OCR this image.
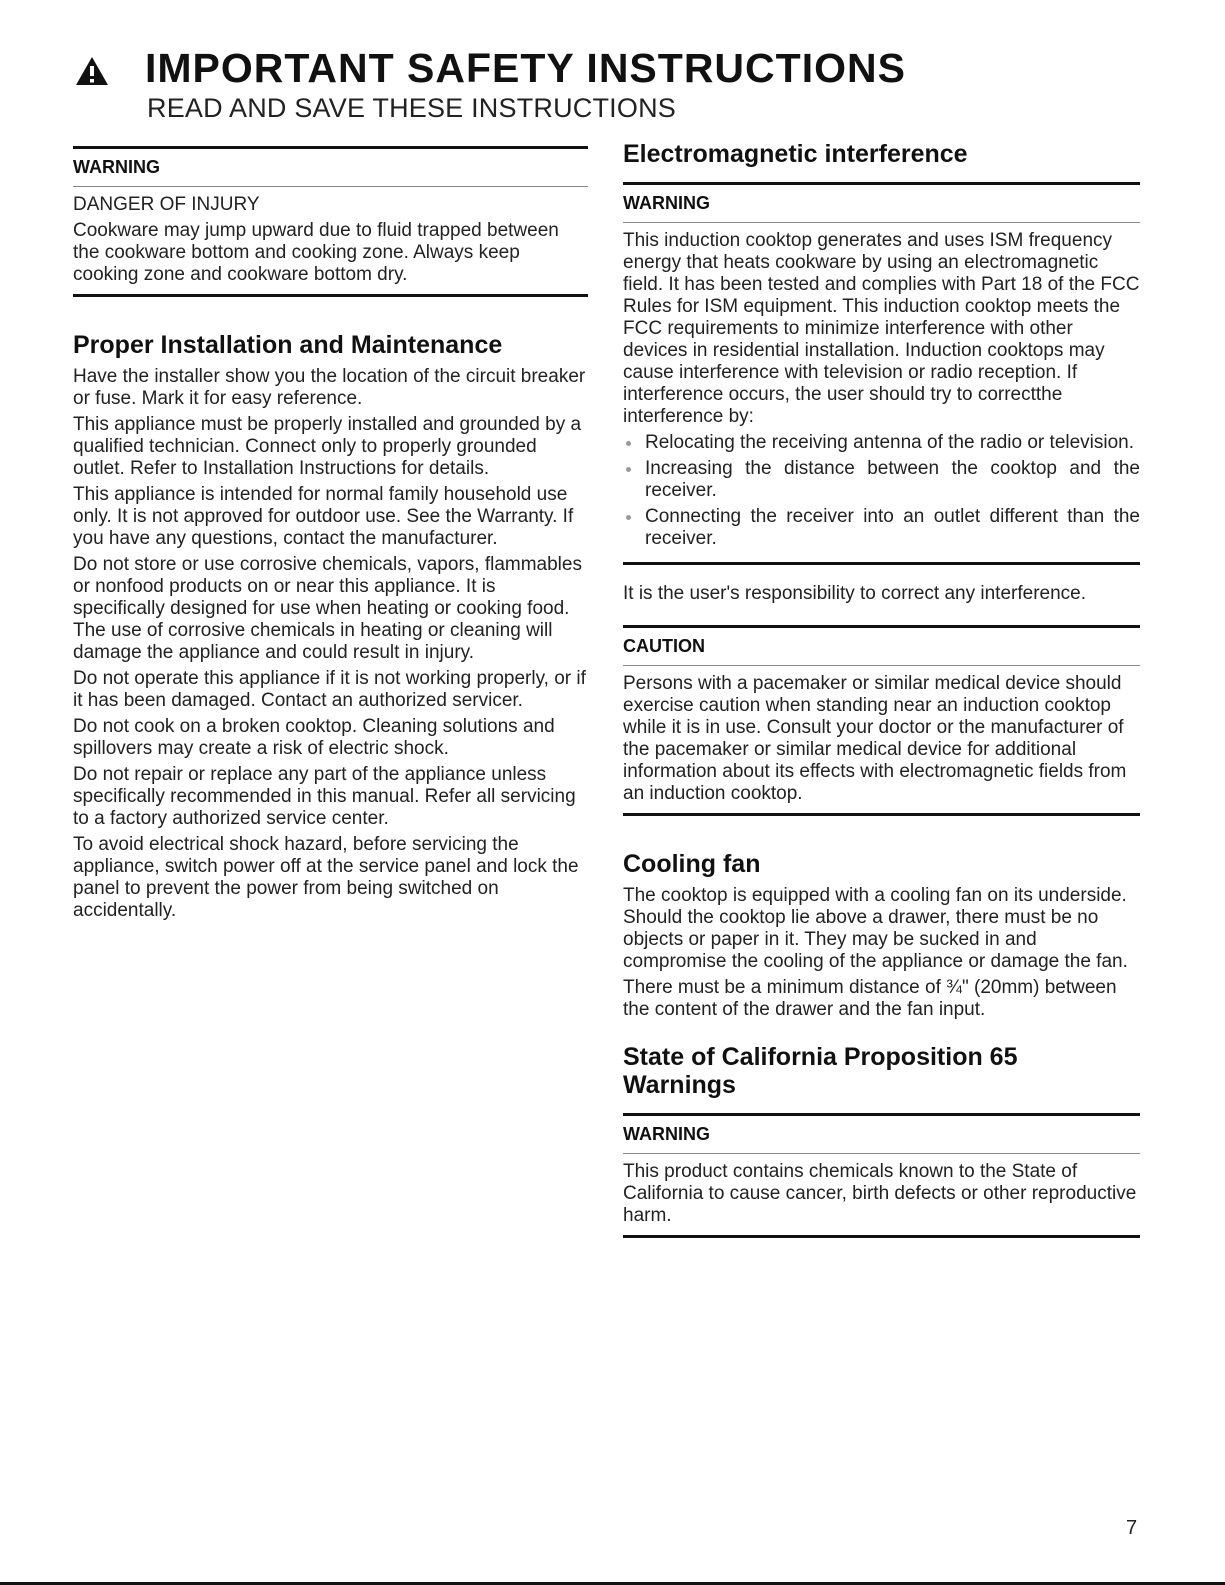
IMPORTANT SAFETY INSTRUCTIONS
READ AND SAVE THESE INSTRUCTIONS
WARNING

DANGER OF INJURY

Cookware may jump upward due to fluid trapped between the cookware bottom and cooking zone. Always keep cooking zone and cookware bottom dry.

Proper Installation and Maintenance

Have the installer show you the location of the circuit breaker or fuse. Mark it for easy reference.

This appliance must be properly installed and grounded by a qualified technician. Connect only to properly grounded outlet. Refer to Installation Instructions for details.

This appliance is intended for normal family household use only. It is not approved for outdoor use. See the Warranty. If you have any questions, contact the manufacturer.

Do not store or use corrosive chemicals, vapors, flammables or nonfood products on or near this appliance. It is specifically designed for use when heating or cooking food. The use of corrosive chemicals in heating or cleaning will damage the appliance and could result in injury.

Do not operate this appliance if it is not working properly, or if it has been damaged. Contact an authorized servicer.

Do not cook on a broken cooktop. Cleaning solutions and spillovers may create a risk of electric shock.

Do not repair or replace any part of the appliance unless specifically recommended in this manual. Refer all servicing to a factory authorized service center.

To avoid electrical shock hazard, before servicing the appliance, switch power off at the service panel and lock the panel to prevent the power from being switched on accidentally.

Electromagnetic interference
WARNING

This induction cooktop generates and uses ISM frequency energy that heats cookware by using an electromagnetic field. It has been tested and complies with Part 18 of the FCC Rules for ISM equipment. This induction cooktop meets the FCC requirements to minimize interference with other devices in residential installation. Induction cooktops may cause interference with television or radio reception. If interference occurs, the user should try to correctthe interference by:

Relocating the receiving antenna of the radio or television.
Increasing the distance between the cooktop and the receiver.
Connecting the receiver into an outlet different than the receiver.

It is the user's responsibility to correct any interference.

CAUTION

Persons with a pacemaker or similar medical device should exercise caution when standing near an induction cooktop while it is in use. Consult your doctor or the manufacturer of the pacemaker or similar medical device for additional information about its effects with electromagnetic fields from an induction cooktop.

Cooling fan

The cooktop is equipped with a cooling fan on its underside. Should the cooktop lie above a drawer, there must be no objects or paper in it. They may be sucked in and compromise the cooling of the appliance or damage the fan.

There must be a minimum distance of ¾" (20mm) between the content of the drawer and the fan input.

State of California Proposition 65
Warnings
WARNING

This product contains chemicals known to the State of California to cause cancer, birth defects or other reproductive harm.

7
